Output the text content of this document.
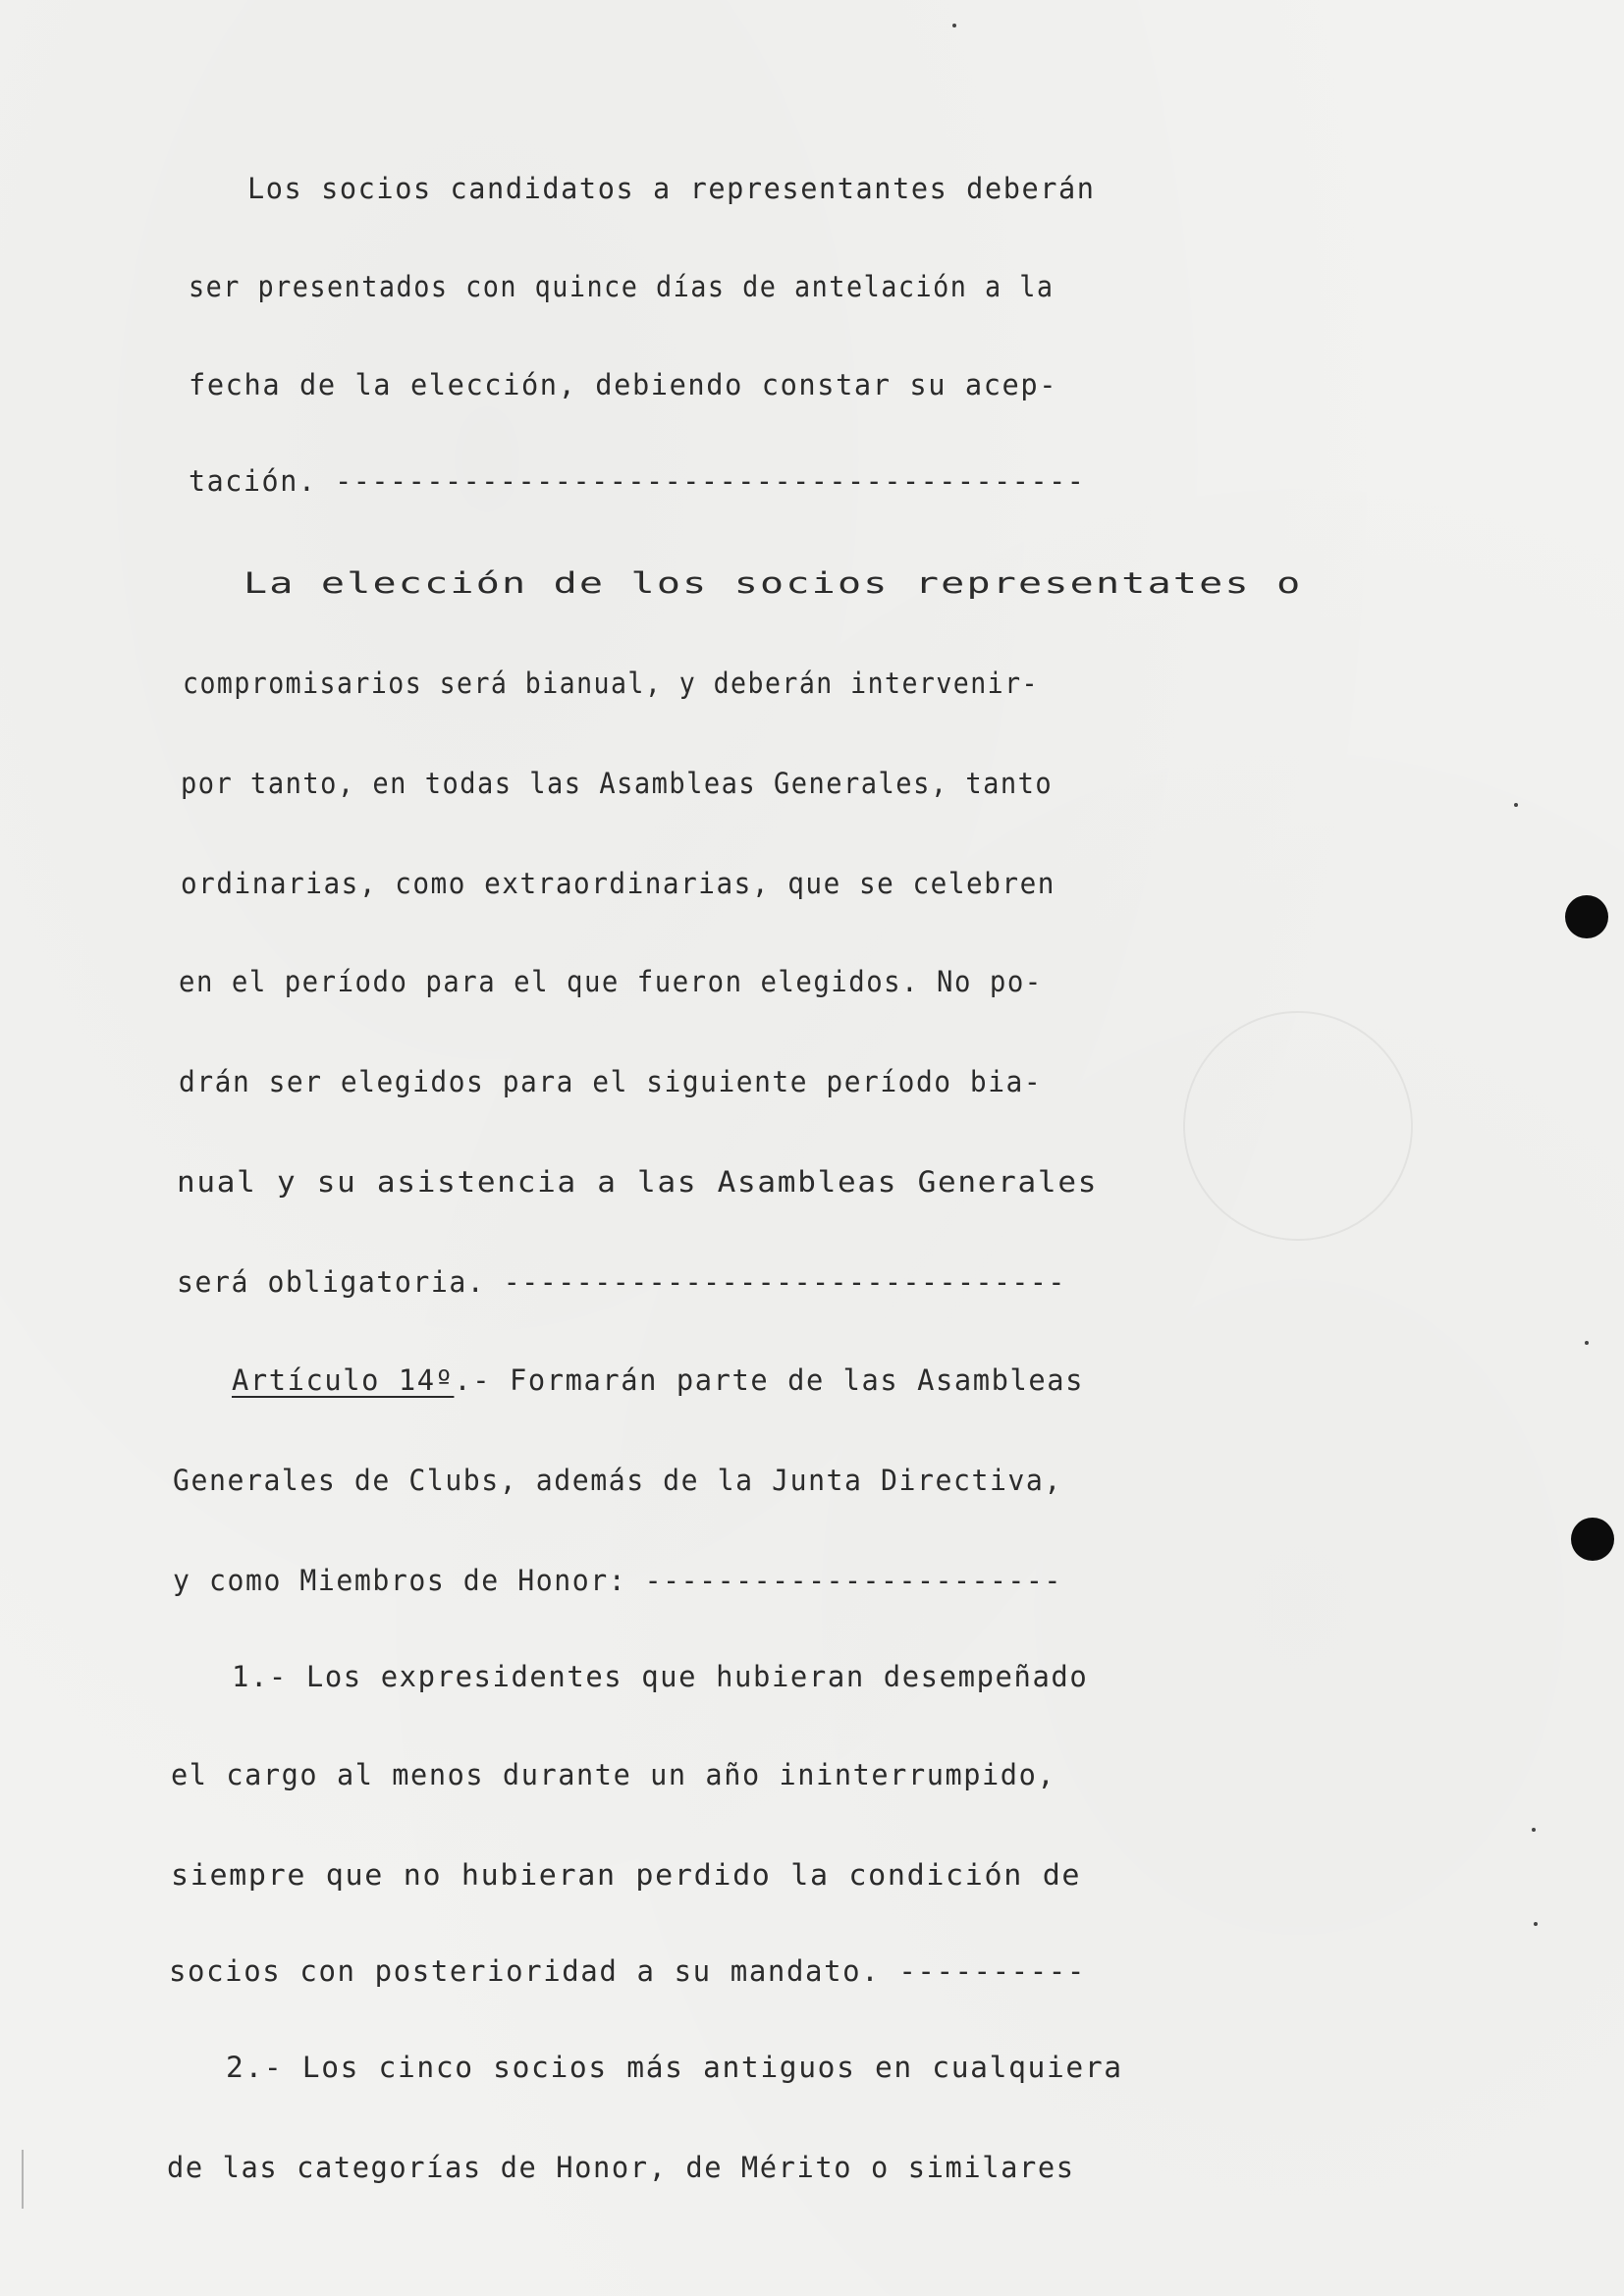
Los socios candidatos a representantes deberán
ser presentados con quince días de antelación a la
fecha de la elección, debiendo constar su acep-
tación. -----------------------------------------
La elección de los socios representates o
compromisarios será bianual, y deberán intervenir-
por tanto, en todas las Asambleas Generales, tanto
ordinarias, como extraordinarias, que se celebren
en el período para el que fueron elegidos. No po-
drán ser elegidos para el siguiente período bia-
nual y su asistencia a las Asambleas Generales
será obligatoria. -------------------------------
Artículo 14º.- Formarán parte de las Asambleas
Generales de Clubs, además de la Junta Directiva,
y como Miembros de Honor: -----------------------
1.- Los expresidentes que hubieran desempeñado
el cargo al menos durante un año ininterrumpido,
siempre que no hubieran perdido la condición de
socios con posterioridad a su mandato. ----------
2.- Los cinco socios más antiguos en cualquiera
de las categorías de Honor, de Mérito o similares
